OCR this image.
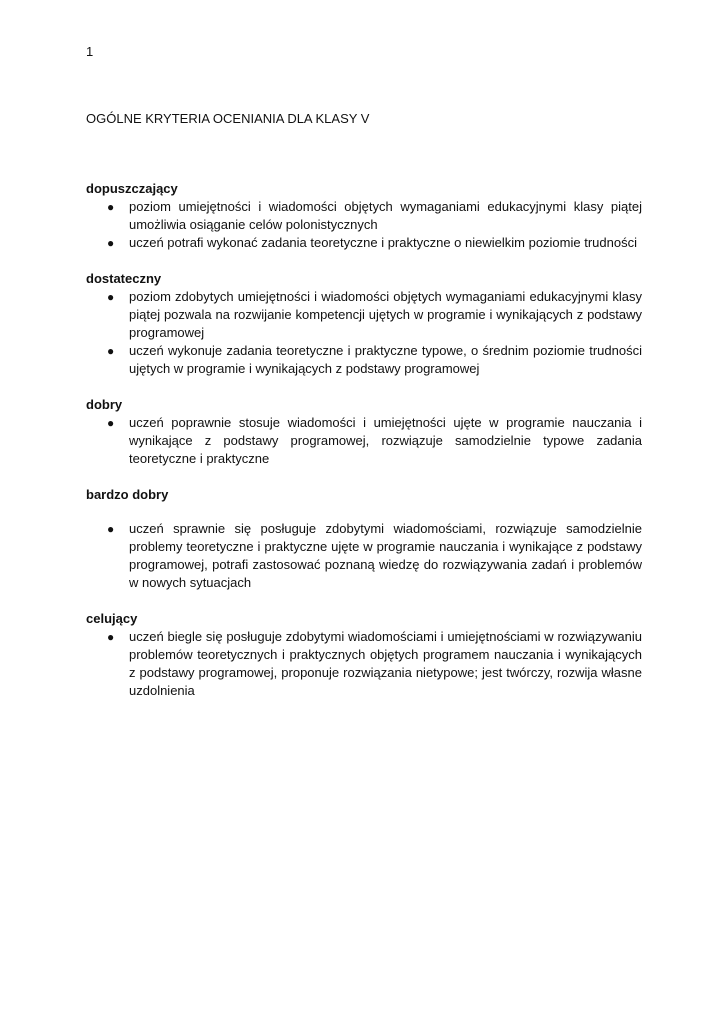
1
OGÓLNE KRYTERIA OCENIANIA DLA KLASY V

dopuszczający

● poziom umiejętności i wiadomości objętych wymaganiami edukacyjnymi klasy piątej umożliwia osiąganie celów polonistycznych
● uczeń potrafi wykonać zadania teoretyczne i praktyczne o niewielkim poziomie trudności

dostateczny

● poziom zdobytych umiejętności i wiadomości objętych wymaganiami edukacyjnymi klasy piątej pozwala na rozwijanie kompetencji ujętych w programie i wynikających z podstawy programowej
● uczeń wykonuje zadania teoretyczne i praktyczne typowe, o średnim poziomie trudności ujętych w programie i wynikających z podstawy programowej

dobry

● uczeń poprawnie stosuje wiadomości i umiejętności ujęte w programie nauczania i wynikające z podstawy programowej, rozwiązuje samodzielnie typowe zadania teoretyczne i praktyczne

bardzo dobry

● uczeń sprawnie się posługuje zdobytymi wiadomościami, rozwiązuje samodzielnie problemy teoretyczne i praktyczne ujęte w programie nauczania i wynikające z podstawy programowej, potrafi zastosować poznaną wiedzę do rozwiązywania zadań i problemów w nowych sytuacjach

celujący

● uczeń biegle się posługuje zdobytymi wiadomościami i umiejętnościami w rozwiązywaniu problemów teoretycznych i praktycznych objętych programem nauczania i wynikających z podstawy programowej, proponuje rozwiązania nietypowe; jest twórczy, rozwija własne uzdolnienia
